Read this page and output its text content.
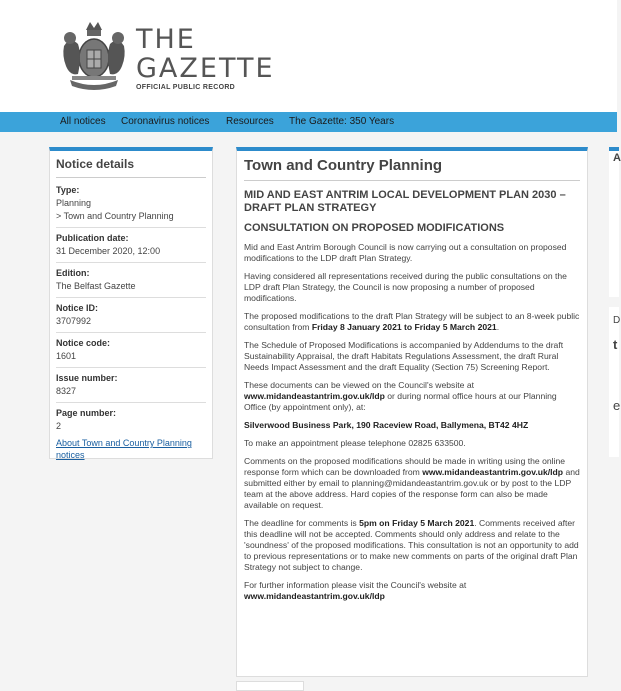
THE
GAZETTE
OFFICIAL PUBLIC RECORD
All notices Coronavirus notices Resources The Gazette: 350 Years
Notice details
Type:
Planning
> Town and Country Planning
Publication date:
31 December 2020, 12:00
Edition:
The Belfast Gazette
Notice ID:
3707992
Notice code:
1601
Issue number:
8327
Page number:
2
About Town and Country Planning notices
Town and Country Planning
MID AND EAST ANTRIM LOCAL DEVELOPMENT PLAN 2030 – DRAFT PLAN STRATEGY
CONSULTATION ON PROPOSED MODIFICATIONS

Mid and East Antrim Borough Council is now carrying out a consultation on proposed modifications to the LDP draft Plan Strategy.

Having considered all representations received during the public consultations on the LDP draft Plan Strategy, the Council is now proposing a number of proposed modifications.

The proposed modifications to the draft Plan Strategy will be subject to an 8-week public consultation from Friday 8 January 2021 to Friday 5 March 2021.

The Schedule of Proposed Modifications is accompanied by Addendums to the draft Sustainability Appraisal, the draft Habitats Regulations Assessment, the draft Rural Needs Impact Assessment and the draft Equality (Section 75) Screening Report.

These documents can be viewed on the Council's website at www.midandeastantrim.gov.uk/ldp or during normal office hours at our Planning Office (by appointment only), at:

Silverwood Business Park, 190 Raceview Road, Ballymena, BT42 4HZ

To make an appointment please telephone 02825 633500.

Comments on the proposed modifications should be made in writing using the online response form which can be downloaded from www.midandeastantrim.gov.uk/ldp and submitted either by email to planning@midandeastantrim.gov.uk or by post to the LDP team at the above address. Hard copies of the response form can also be made available on request.

The deadline for comments is 5pm on Friday 5 March 2021. Comments received after this deadline will not be accepted. Comments should only address and relate to the 'soundness' of the proposed modifications. This consultation is not an opportunity to add to previous representations or to make new comments on parts of the original draft Plan Strategy not subject to change.

For further information please visit the Council's website at
www.midandeastantrim.gov.uk/ldp

A
D
t
e
